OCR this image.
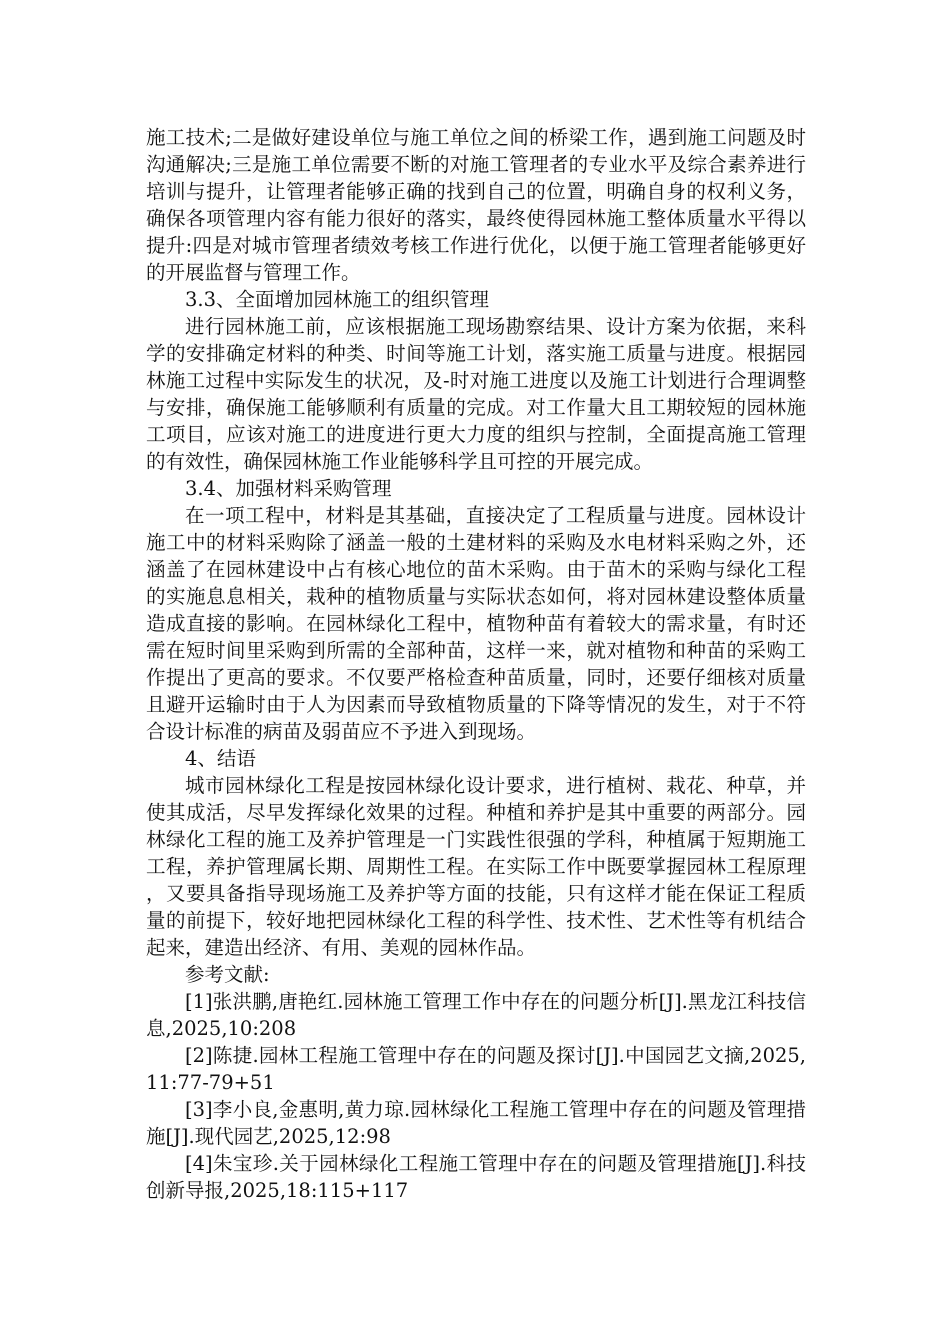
施工技术;二是做好建设单位与施工单位之间的桥梁工作，遇到施工问题及时沟通解决;三是施工单位需要不断的对施工管理者的专业水平及综合素养进行培训与提升，让管理者能够正确的找到自己的位置，明确自身的权利义务，确保各项管理内容有能力很好的落实，最终使得园林施工整体质量水平得以提升:四是对城市管理者绩效考核工作进行优化，以便于施工管理者能够更好的开展监督与管理工作。

3.3、全面增加园林施工的组织管理

进行园林施工前，应该根据施工现场勘察结果、设计方案为依据，来科学的安排确定材料的种类、时间等施工计划，落实施工质量与进度。根据园林施工过程中实际发生的状况，及-时对施工进度以及施工计划进行合理调整与安排，确保施工能够顺利有质量的完成。对工作量大且工期较短的园林施工项目，应该对施工的进度进行更大力度的组织与控制，全面提高施工管理的有效性，确保园林施工作业能够科学且可控的开展完成。

3.4、加强材料采购管理

在一项工程中，材料是其基础，直接决定了工程质量与进度。园林设计施工中的材料采购除了涵盖一般的土建材料的采购及水电材料采购之外，还涵盖了在园林建设中占有核心地位的苗木采购。由于苗木的采购与绿化工程的实施息息相关，栽种的植物质量与实际状态如何，将对园林建设整体质量造成直接的影响。在园林绿化工程中，植物种苗有着较大的需求量，有时还需在短时间里采购到所需的全部种苗，这样一来，就对植物和种苗的采购工作提出了更高的要求。不仅要严格检查种苗质量，同时，还要仔细核对质量且避开运输时由于人为因素而导致植物质量的下降等情况的发生，对于不符合设计标准的病苗及弱苗应不予进入到现场。

4、结语

城市园林绿化工程是按园林绿化设计要求，进行植树、栽花、种草，并使其成活，尽早发挥绿化效果的过程。种植和养护是其中重要的两部分。园林绿化工程的施工及养护管理是一门实践性很强的学科，种植属于短期施工工程，养护管理属长期、周期性工程。在实际工作中既要掌握园林工程原理，又要具备指导现场施工及养护等方面的技能，只有这样才能在保证工程质量的前提下，较好地把园林绿化工程的科学性、技术性、艺术性等有机结合起来，建造出经济、有用、美观的园林作品。

参考文献:

[1]张洪鹏,唐艳红.园林施工管理工作中存在的问题分析[J].黑龙江科技信息,2025,10:208

[2]陈捷.园林工程施工管理中存在的问题及探讨[J].中国园艺文摘,2025,11:77-79+51

[3]李小良,金惠明,黄力琼.园林绿化工程施工管理中存在的问题及管理措施[J].现代园艺,2025,12:98

[4]朱宝珍.关于园林绿化工程施工管理中存在的问题及管理措施[J].科技创新导报,2025,18:115+117
